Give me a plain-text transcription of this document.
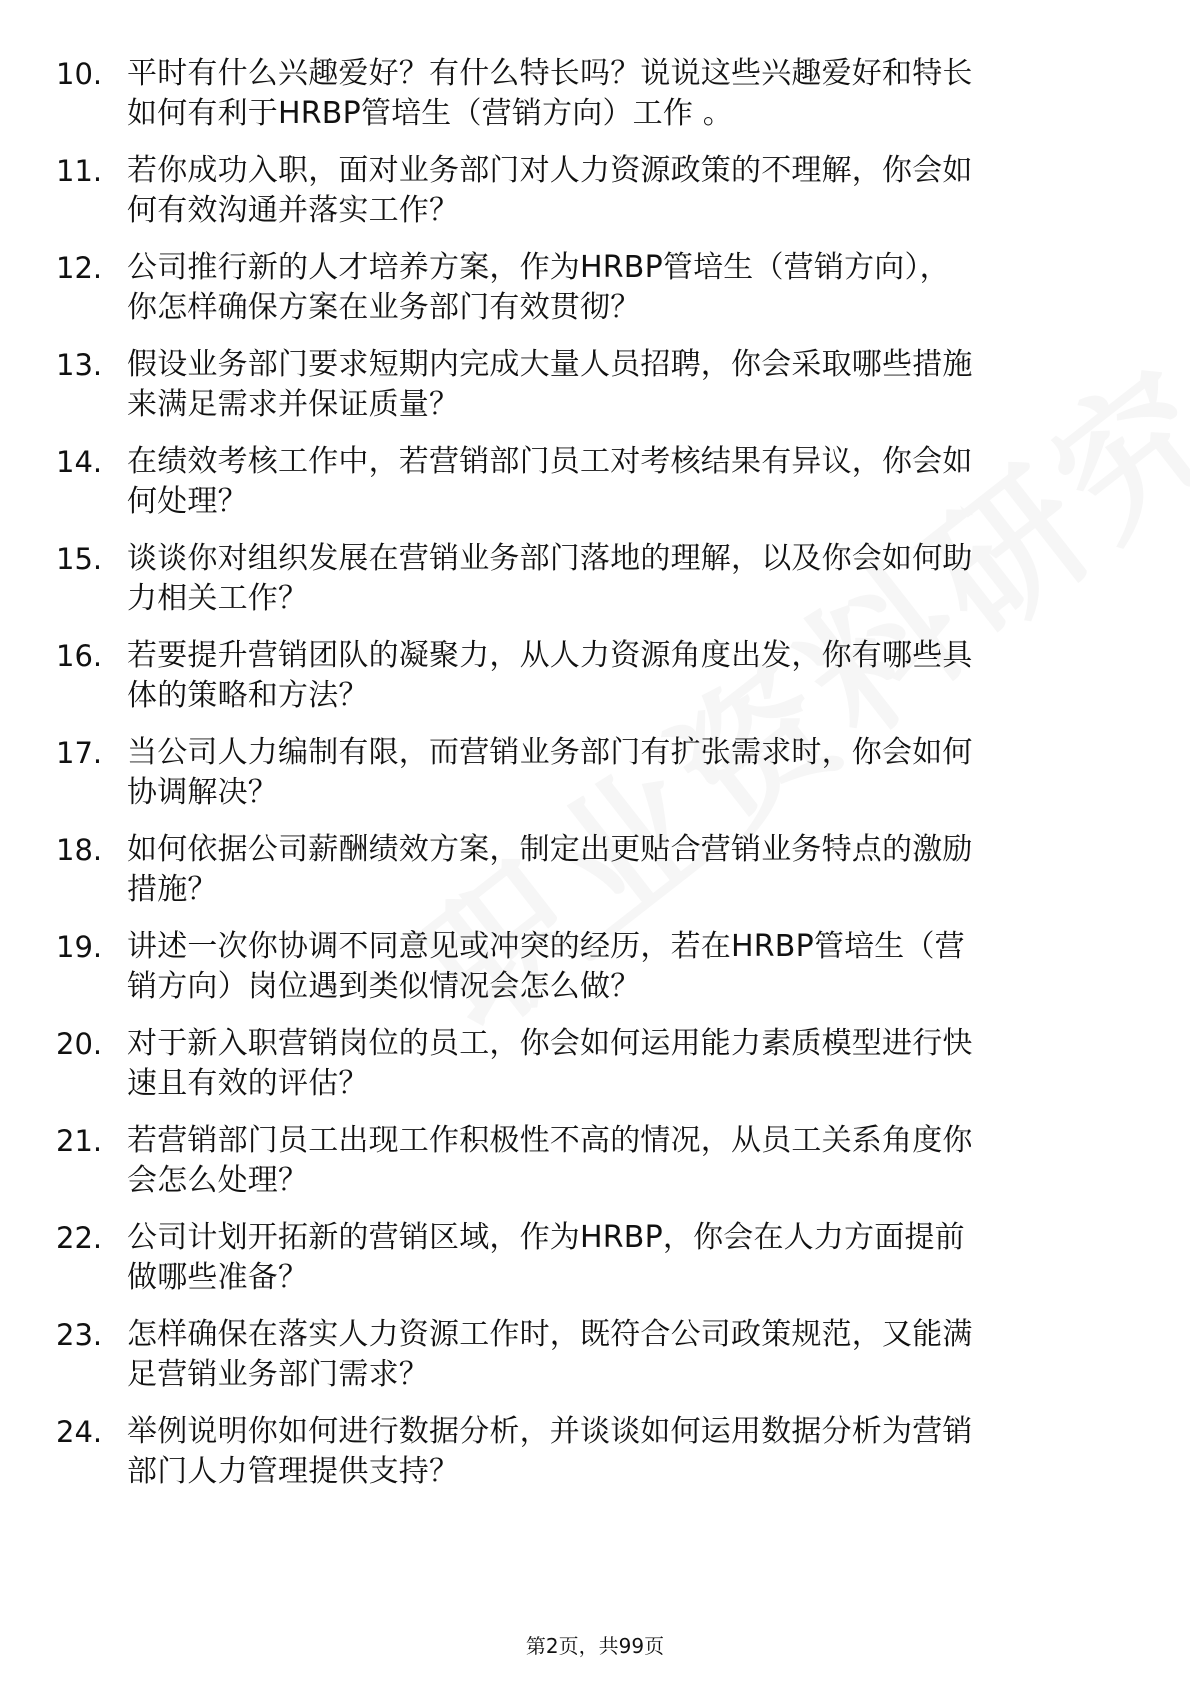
10. 平时有什么兴趣爱好？有什么特长吗？说说这些兴趣爱好和特长
如何有利于HRBP管培生（营销方向）工作 。
11. 若你成功入职，面对业务部门对人力资源政策的不理解，你会如
何有效沟通并落实工作？
12. 公司推行新的人才培养方案，作为HRBP管培生（营销方向），
你怎样确保方案在业务部门有效贯彻？
13. 假设业务部门要求短期内完成大量人员招聘，你会采取哪些措施
来满足需求并保证质量？
14. 在绩效考核工作中，若营销部门员工对考核结果有异议，你会如
何处理？
15. 谈谈你对组织发展在营销业务部门落地的理解，以及你会如何助
力相关工作？
16. 若要提升营销团队的凝聚力，从人力资源角度出发，你有哪些具
体的策略和方法？
17. 当公司人力编制有限，而营销业务部门有扩张需求时，你会如何
协调解决？
18. 如何依据公司薪酬绩效方案，制定出更贴合营销业务特点的激励
措施？
19. 讲述一次你协调不同意见或冲突的经历，若在HRBP管培生（营
销方向）岗位遇到类似情况会怎么做？
20. 对于新入职营销岗位的员工，你会如何运用能力素质模型进行快
速且有效的评估？
21. 若营销部门员工出现工作积极性不高的情况，从员工关系角度你
会怎么处理？
22. 公司计划开拓新的营销区域，作为HRBP，你会在人力方面提前
做哪些准备？
23. 怎样确保在落实人力资源工作时，既符合公司政策规范，又能满
足营销业务部门需求？
24. 举例说明你如何进行数据分析，并谈谈如何运用数据分析为营销
部门人力管理提供支持？
第2页，共99页
